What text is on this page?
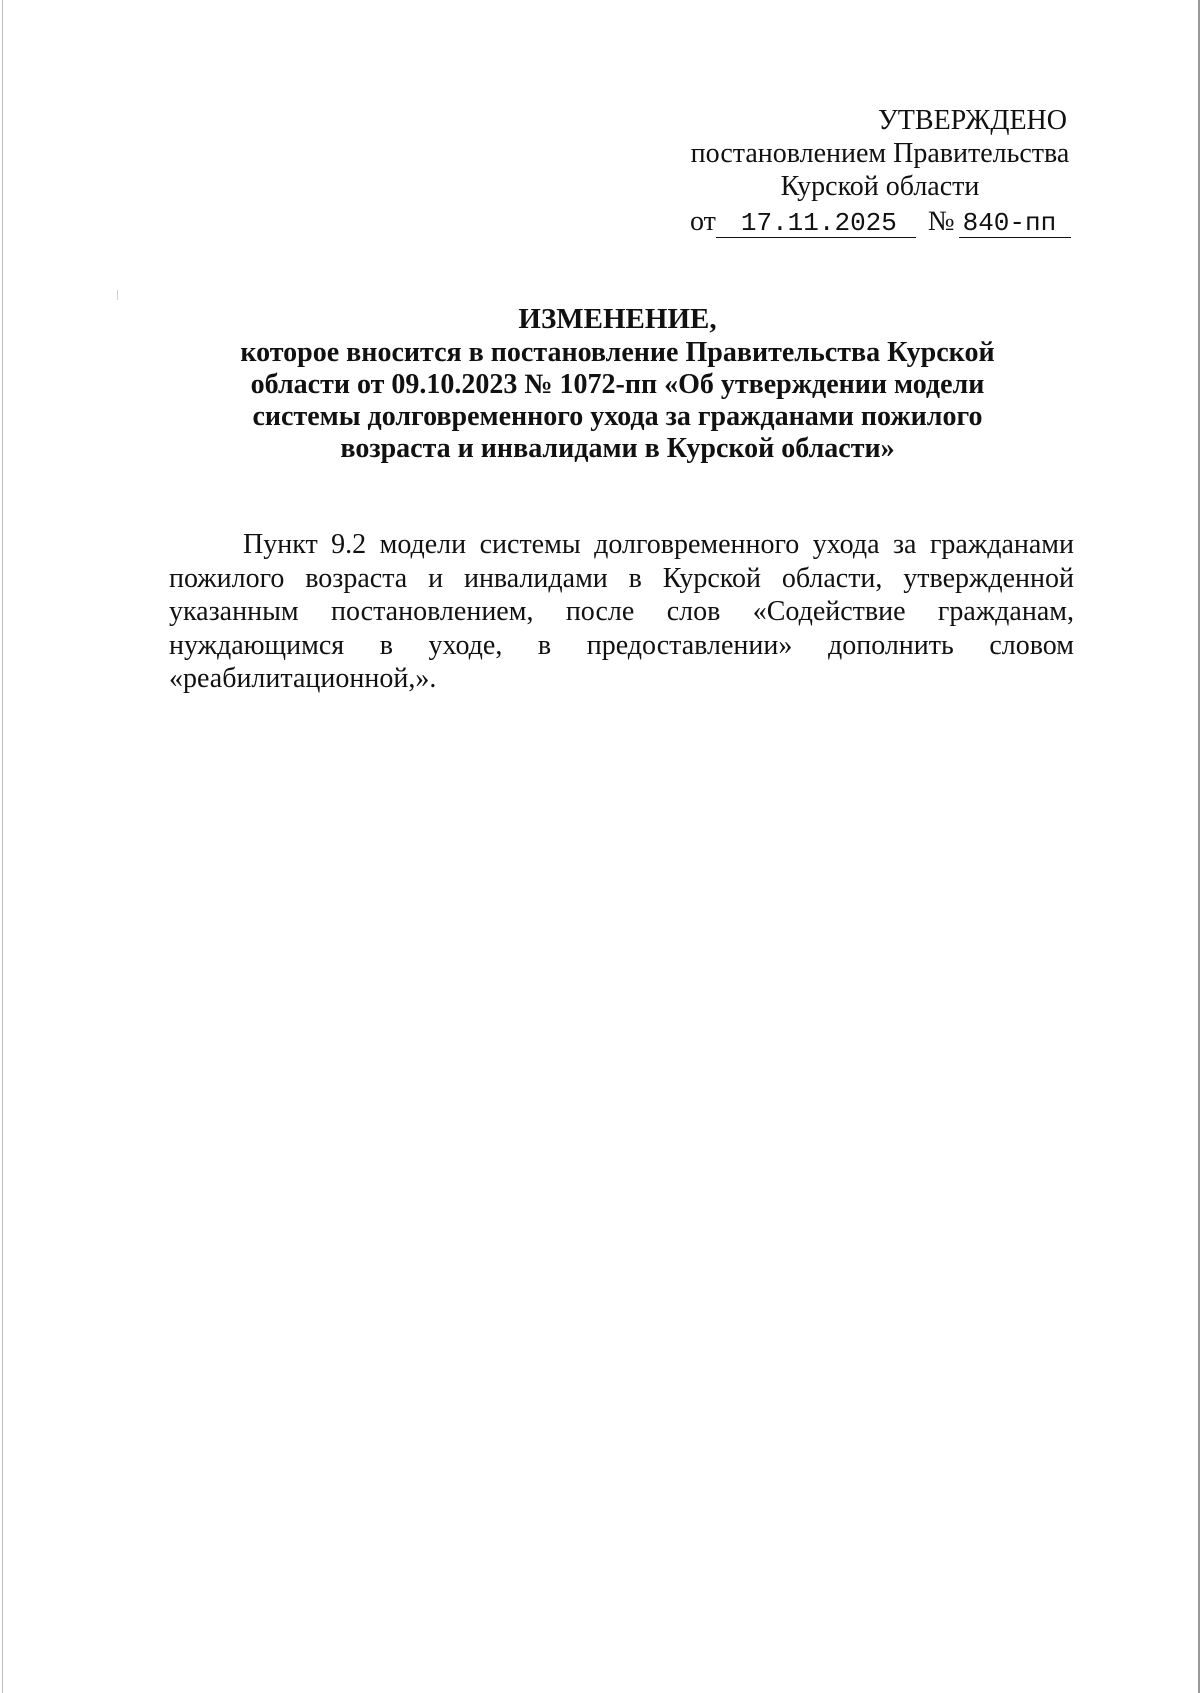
УТВЕРЖДЕНО
постановлением Правительства
Курской области
от 17.11.2025 № 840-пп
ИЗМЕНЕНИЕ,
которое вносится в постановление Правительства Курской
области от 09.10.2023 № 1072-пп «Об утверждении модели
системы долговременного ухода за гражданами пожилого
возраста и инвалидами в Курской области»
Пункт 9.2 модели системы долговременного ухода за гражданами
пожилого возраста и инвалидами в Курской области, утвержденной
указанным постановлением, после слов «Содействие гражданам,
нуждающимся в уходе, в предоставлении» дополнить словом
«реабилитационной,».
